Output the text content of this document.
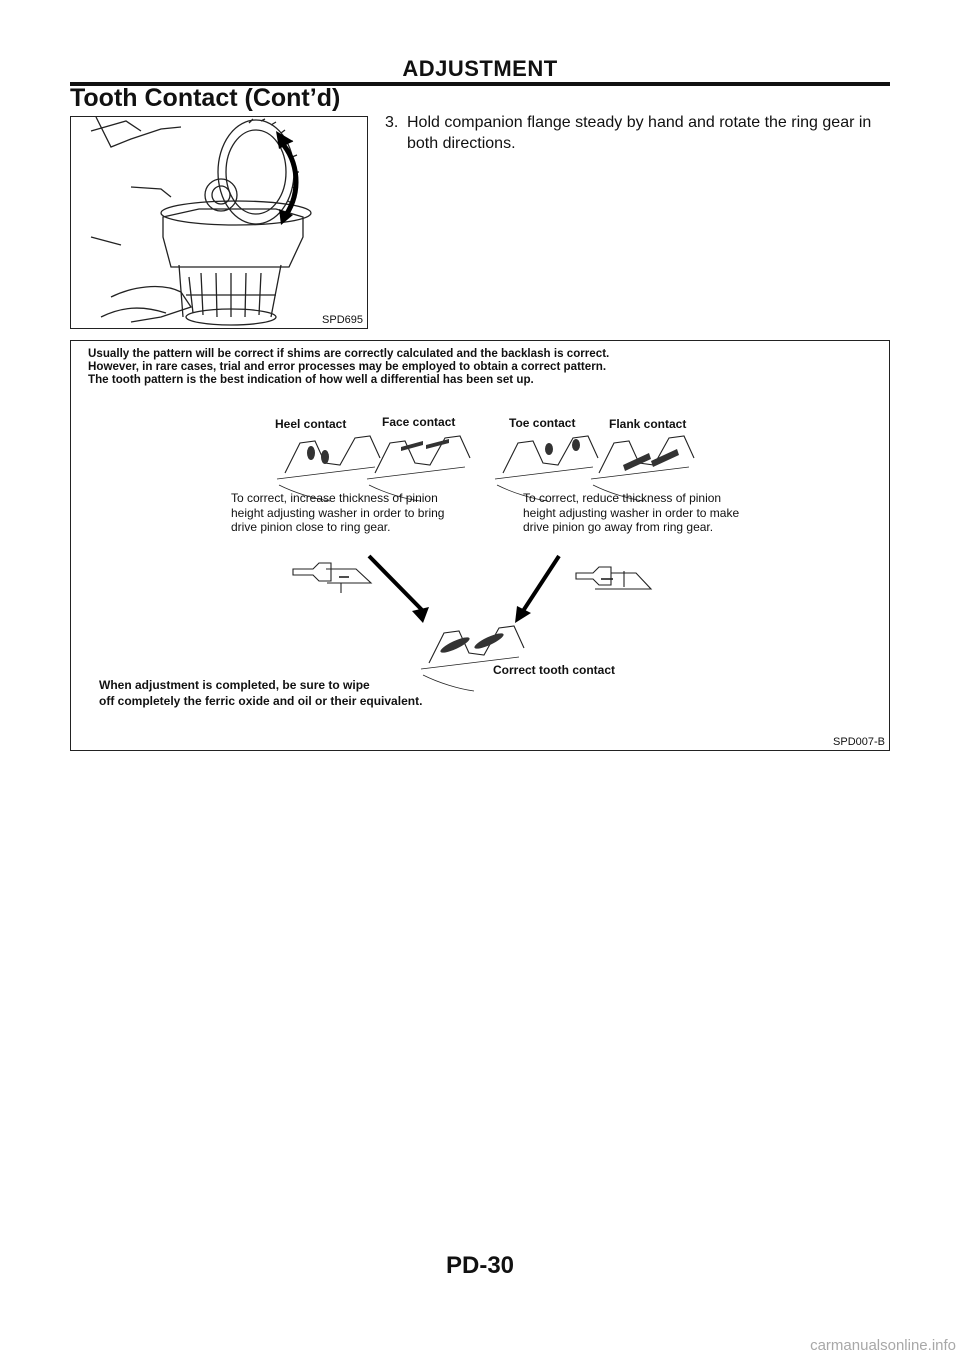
ADJUSTMENT
Tooth Contact (Cont’d)
SPD695
3. Hold companion flange steady by hand and rotate the ring gear in both directions.
Usually the pattern will be correct if shims are correctly calculated and the backlash is correct.
However, in rare cases, trial and error processes may be employed to obtain a correct pattern.
The tooth pattern is the best indication of how well a differential has been set up.
Heel contact	Face contact	Toe contact	Flank contact
To correct, increase thickness of pinion
height adjusting washer in order to bring
drive pinion close to ring gear.
To correct, reduce thickness of pinion
height adjusting washer in order to make
drive pinion go away from ring gear.
Correct tooth contact
When adjustment is completed, be sure to wipe
off completely the ferric oxide and oil or their equivalent.
SPD007-B
PD-30
carmanualsonline.info
